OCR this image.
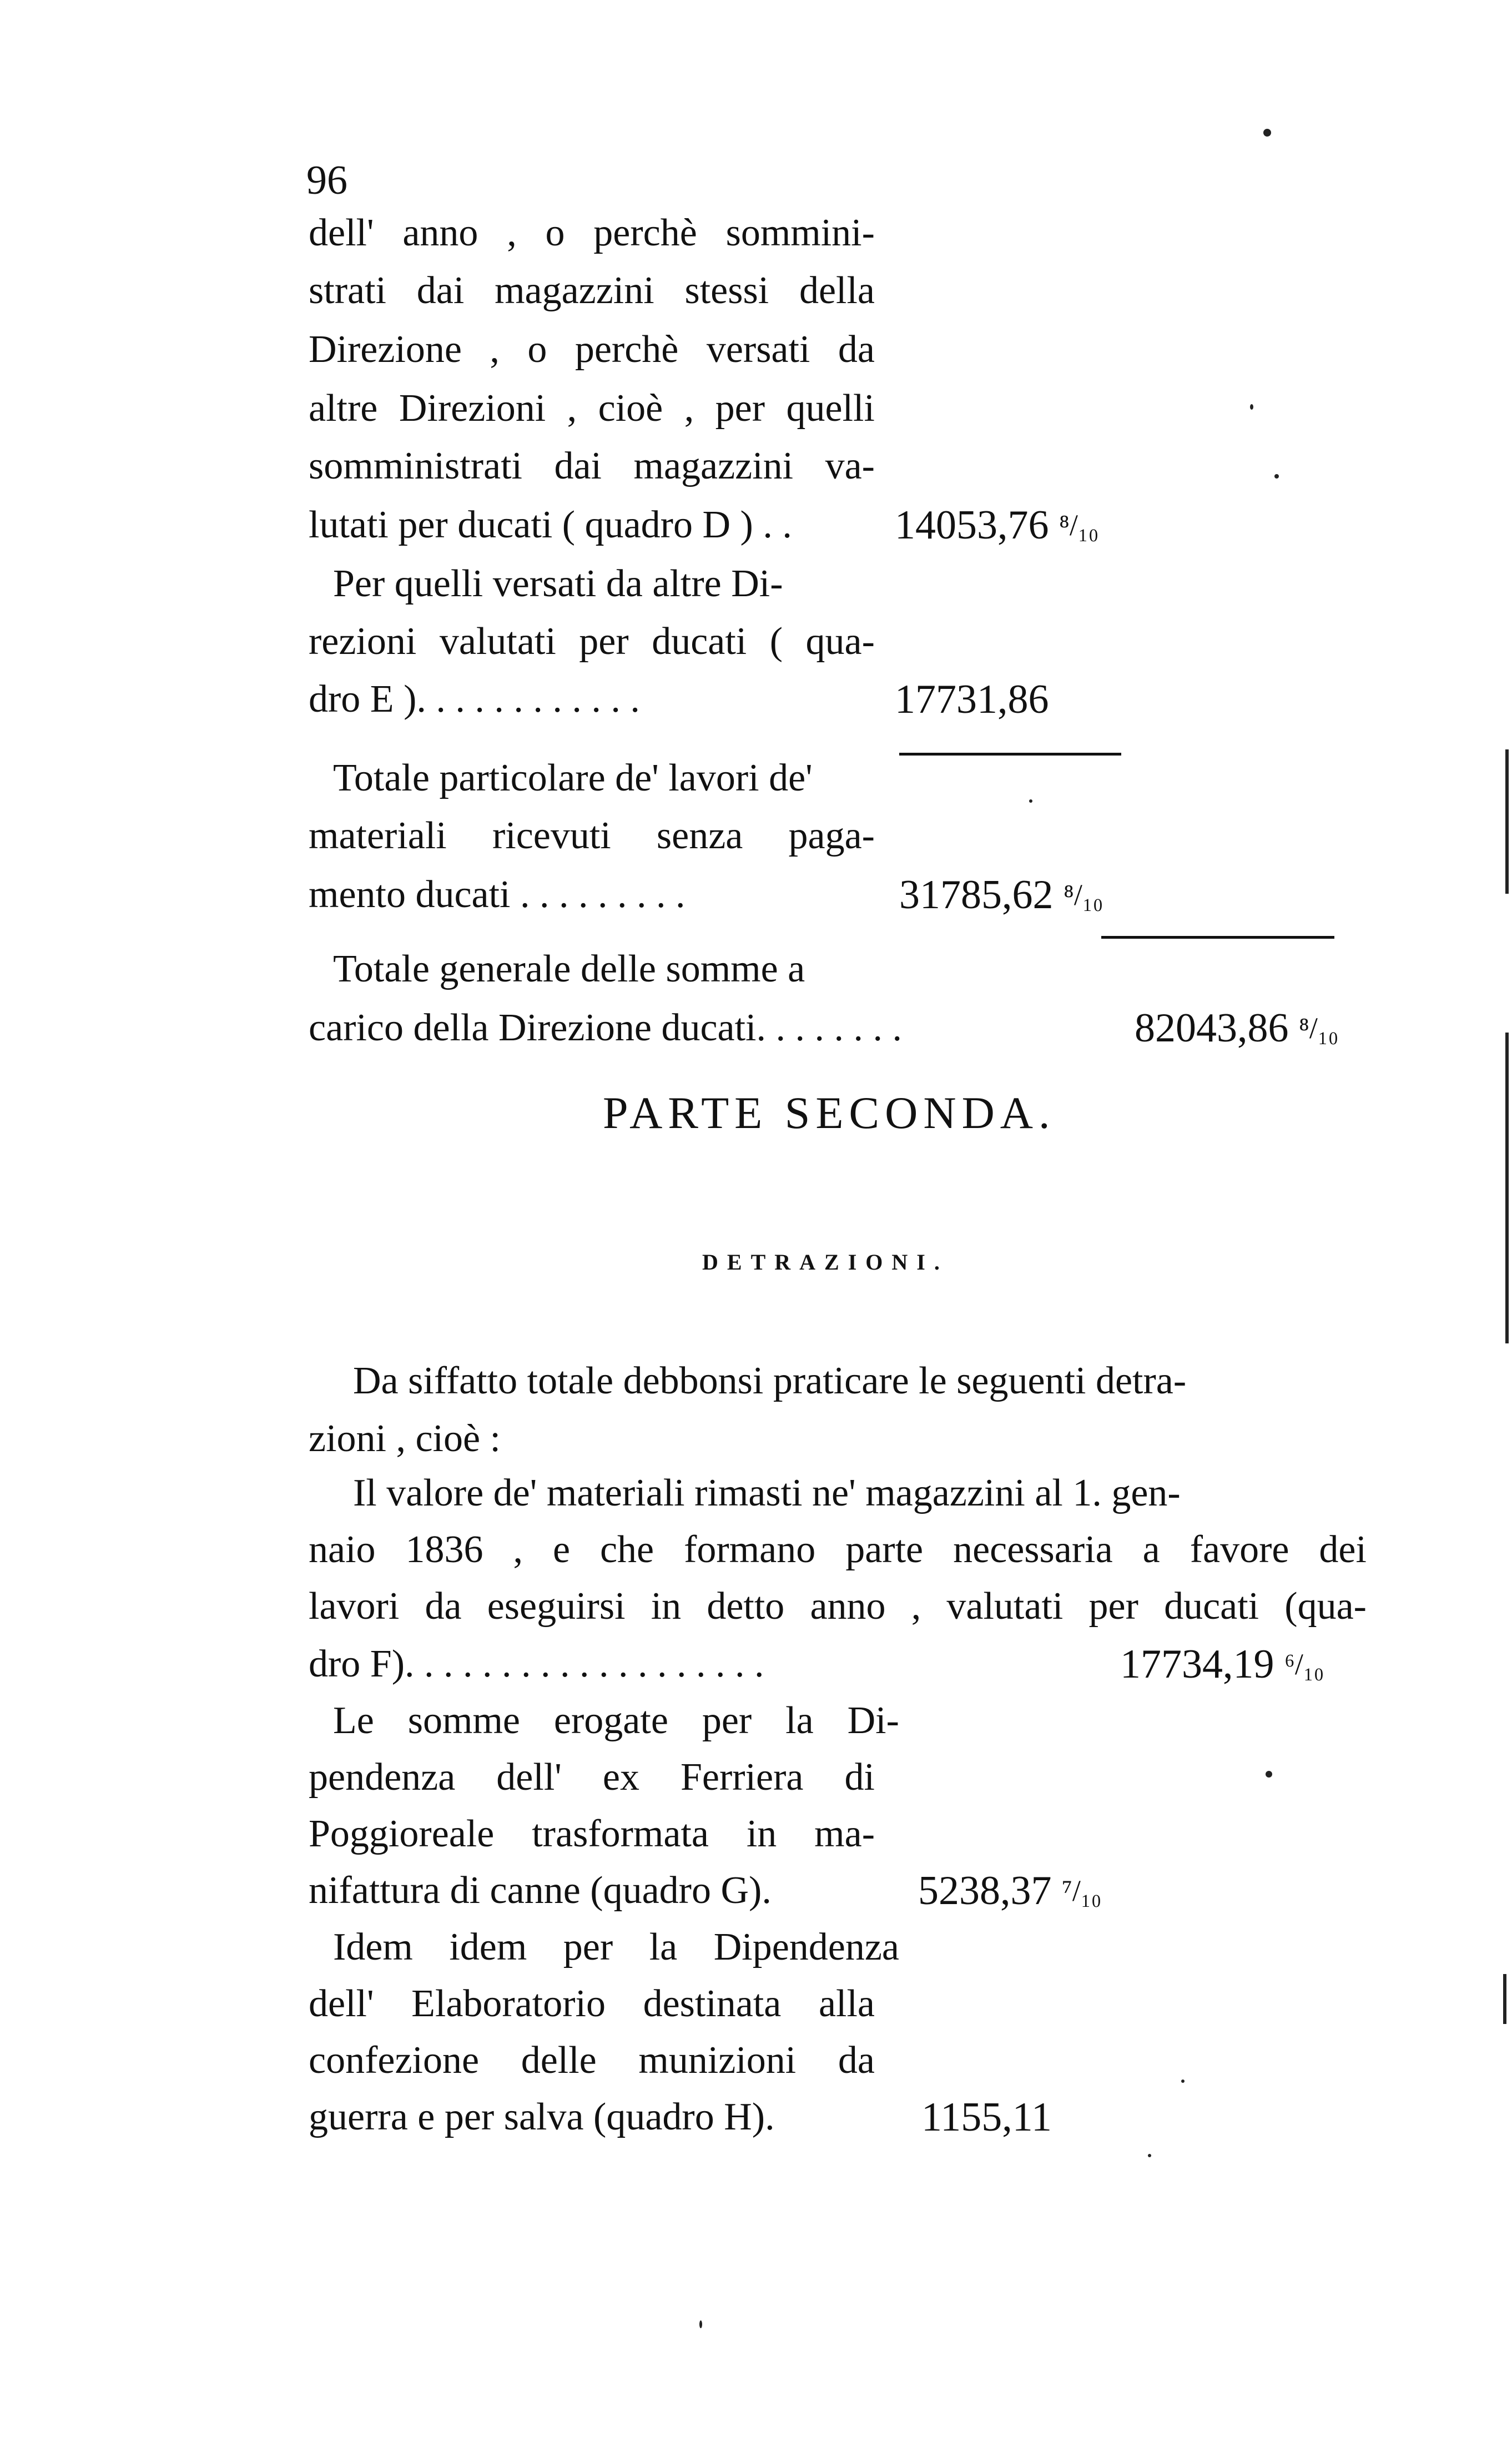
96
dell' anno , o perchè sommini-
strati dai magazzini stessi della
Direzione , o perchè versati da
altre Direzioni , cioè , per quelli
somministrati dai magazzini va-
lutati per ducati ( quadro D ) . .
Per quelli versati da altre Di-
rezioni valutati per ducati ( qua-
dro E ). . . . . . . . . . . .
Totale particolare de' lavori de'
materiali ricevuti senza paga-
mento ducati . . . . . . . . .
Totale generale delle somme a
carico della Direzione ducati. . . . . . . .
14053,76 ⁸/₁₀
17731,86
31785,62 ⁸/₁₀
82043,86 ⁸/₁₀
PARTE SECONDA.
DETRAZIONI.
Da siffatto totale debbonsi praticare le seguenti detra-
zioni , cioè :
Il valore de' materiali rimasti ne' magazzini al 1. gen-
naio 1836 , e che formano parte necessaria a favore dei
lavori da eseguirsi in detto anno , valutati per ducati (qua-
dro F). . . . . . . . . . . . . . . . . . .
Le somme erogate per la Di-
pendenza dell' ex Ferriera di
Poggioreale trasformata in ma-
nifattura di canne (quadro G).
Idem idem per la Dipendenza
dell' Elaboratorio destinata alla
confezione delle munizioni da
guerra e per salva (quadro H).
17734,19 ⁶/₁₀
5238,37 ⁷/₁₀
1155,11
